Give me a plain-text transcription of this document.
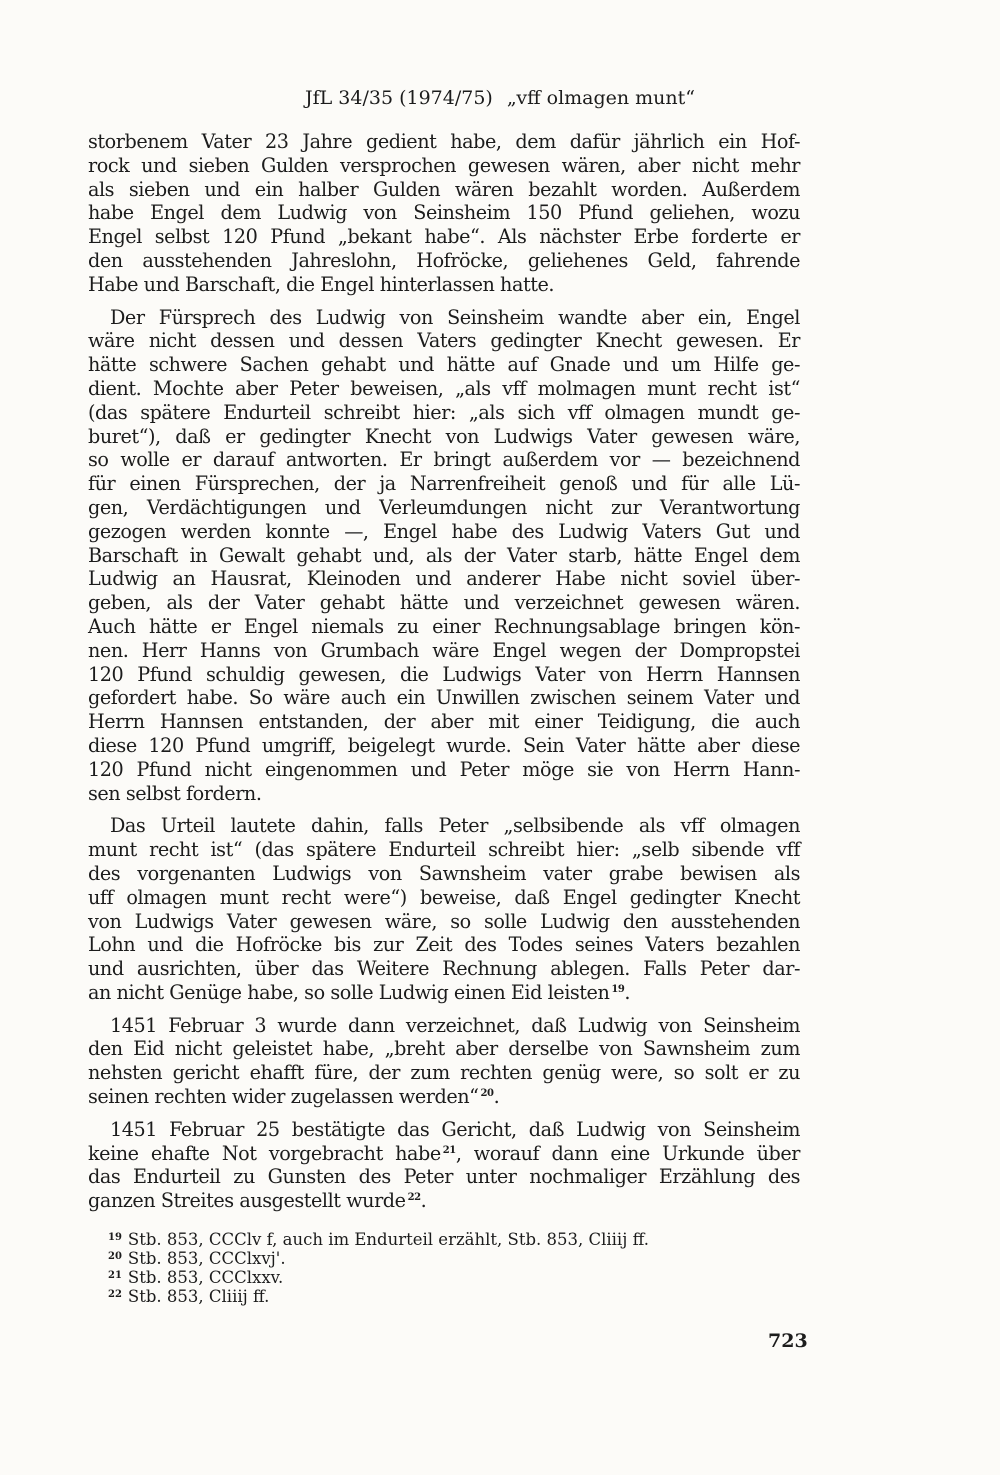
JfL 34/35 (1974/75) „vff olmagen munt“
storbenem Vater 23 Jahre gedient habe, dem dafür jährlich ein Hof-
rock und sieben Gulden versprochen gewesen wären, aber nicht mehr
als sieben und ein halber Gulden wären bezahlt worden. Außerdem
habe Engel dem Ludwig von Seinsheim 150 Pfund geliehen, wozu
Engel selbst 120 Pfund „bekant habe“. Als nächster Erbe forderte er
den ausstehenden Jahreslohn, Hofröcke, geliehenes Geld, fahrende
Habe und Barschaft, die Engel hinterlassen hatte.
Der Fürsprech des Ludwig von Seinsheim wandte aber ein, Engel
wäre nicht dessen und dessen Vaters gedingter Knecht gewesen. Er
hätte schwere Sachen gehabt und hätte auf Gnade und um Hilfe ge-
dient. Mochte aber Peter beweisen, „als vff molmagen munt recht ist“
(das spätere Endurteil schreibt hier: „als sich vff olmagen mundt ge-
buret“), daß er gedingter Knecht von Ludwigs Vater gewesen wäre,
so wolle er darauf antworten. Er bringt außerdem vor — bezeichnend
für einen Fürsprechen, der ja Narrenfreiheit genoß und für alle Lü-
gen, Verdächtigungen und Verleumdungen nicht zur Verantwortung
gezogen werden konnte —, Engel habe des Ludwig Vaters Gut und
Barschaft in Gewalt gehabt und, als der Vater starb, hätte Engel dem
Ludwig an Hausrat, Kleinoden und anderer Habe nicht soviel über-
geben, als der Vater gehabt hätte und verzeichnet gewesen wären.
Auch hätte er Engel niemals zu einer Rechnungsablage bringen kön-
nen. Herr Hanns von Grumbach wäre Engel wegen der Dompropstei
120 Pfund schuldig gewesen, die Ludwigs Vater von Herrn Hannsen
gefordert habe. So wäre auch ein Unwillen zwischen seinem Vater und
Herrn Hannsen entstanden, der aber mit einer Teidigung, die auch
diese 120 Pfund umgriff, beigelegt wurde. Sein Vater hätte aber diese
120 Pfund nicht eingenommen und Peter möge sie von Herrn Hann-
sen selbst fordern.
Das Urteil lautete dahin, falls Peter „selbsibende als vff olmagen
munt recht ist“ (das spätere Endurteil schreibt hier: „selb sibende vff
des vorgenanten Ludwigs von Sawnsheim vater grabe bewisen als
uff olmagen munt recht were“) beweise, daß Engel gedingter Knecht
von Ludwigs Vater gewesen wäre, so solle Ludwig den ausstehenden
Lohn und die Hofröcke bis zur Zeit des Todes seines Vaters bezahlen
und ausrichten, über das Weitere Rechnung ablegen. Falls Peter dar-
an nicht Genüge habe, so solle Ludwig einen Eid leisten $^{19}$.
1451 Februar 3 wurde dann verzeichnet, daß Ludwig von Seinsheim
den Eid nicht geleistet habe, „breht aber derselbe von Sawnsheim zum
nehsten gericht ehafft füre, der zum rechten genüg were, so solt er zu
seinen rechten wider zugelassen werden“ $^{20}$.
1451 Februar 25 bestätigte das Gericht, daß Ludwig von Seinsheim
keine ehafte Not vorgebracht habe $^{21}$, worauf dann eine Urkunde über
das Endurteil zu Gunsten des Peter unter nochmaliger Erzählung des
ganzen Streites ausgestellt wurde $^{22}$.
$^{19}$ Stb. 853, CCClv f, auch im Endurteil erzählt, Stb. 853, Cliiij ff.
$^{20}$ Stb. 853, CCClxvj'.
$^{21}$ Stb. 853, CCClxxv.
$^{22}$ Stb. 853, Cliiij ff.
723
